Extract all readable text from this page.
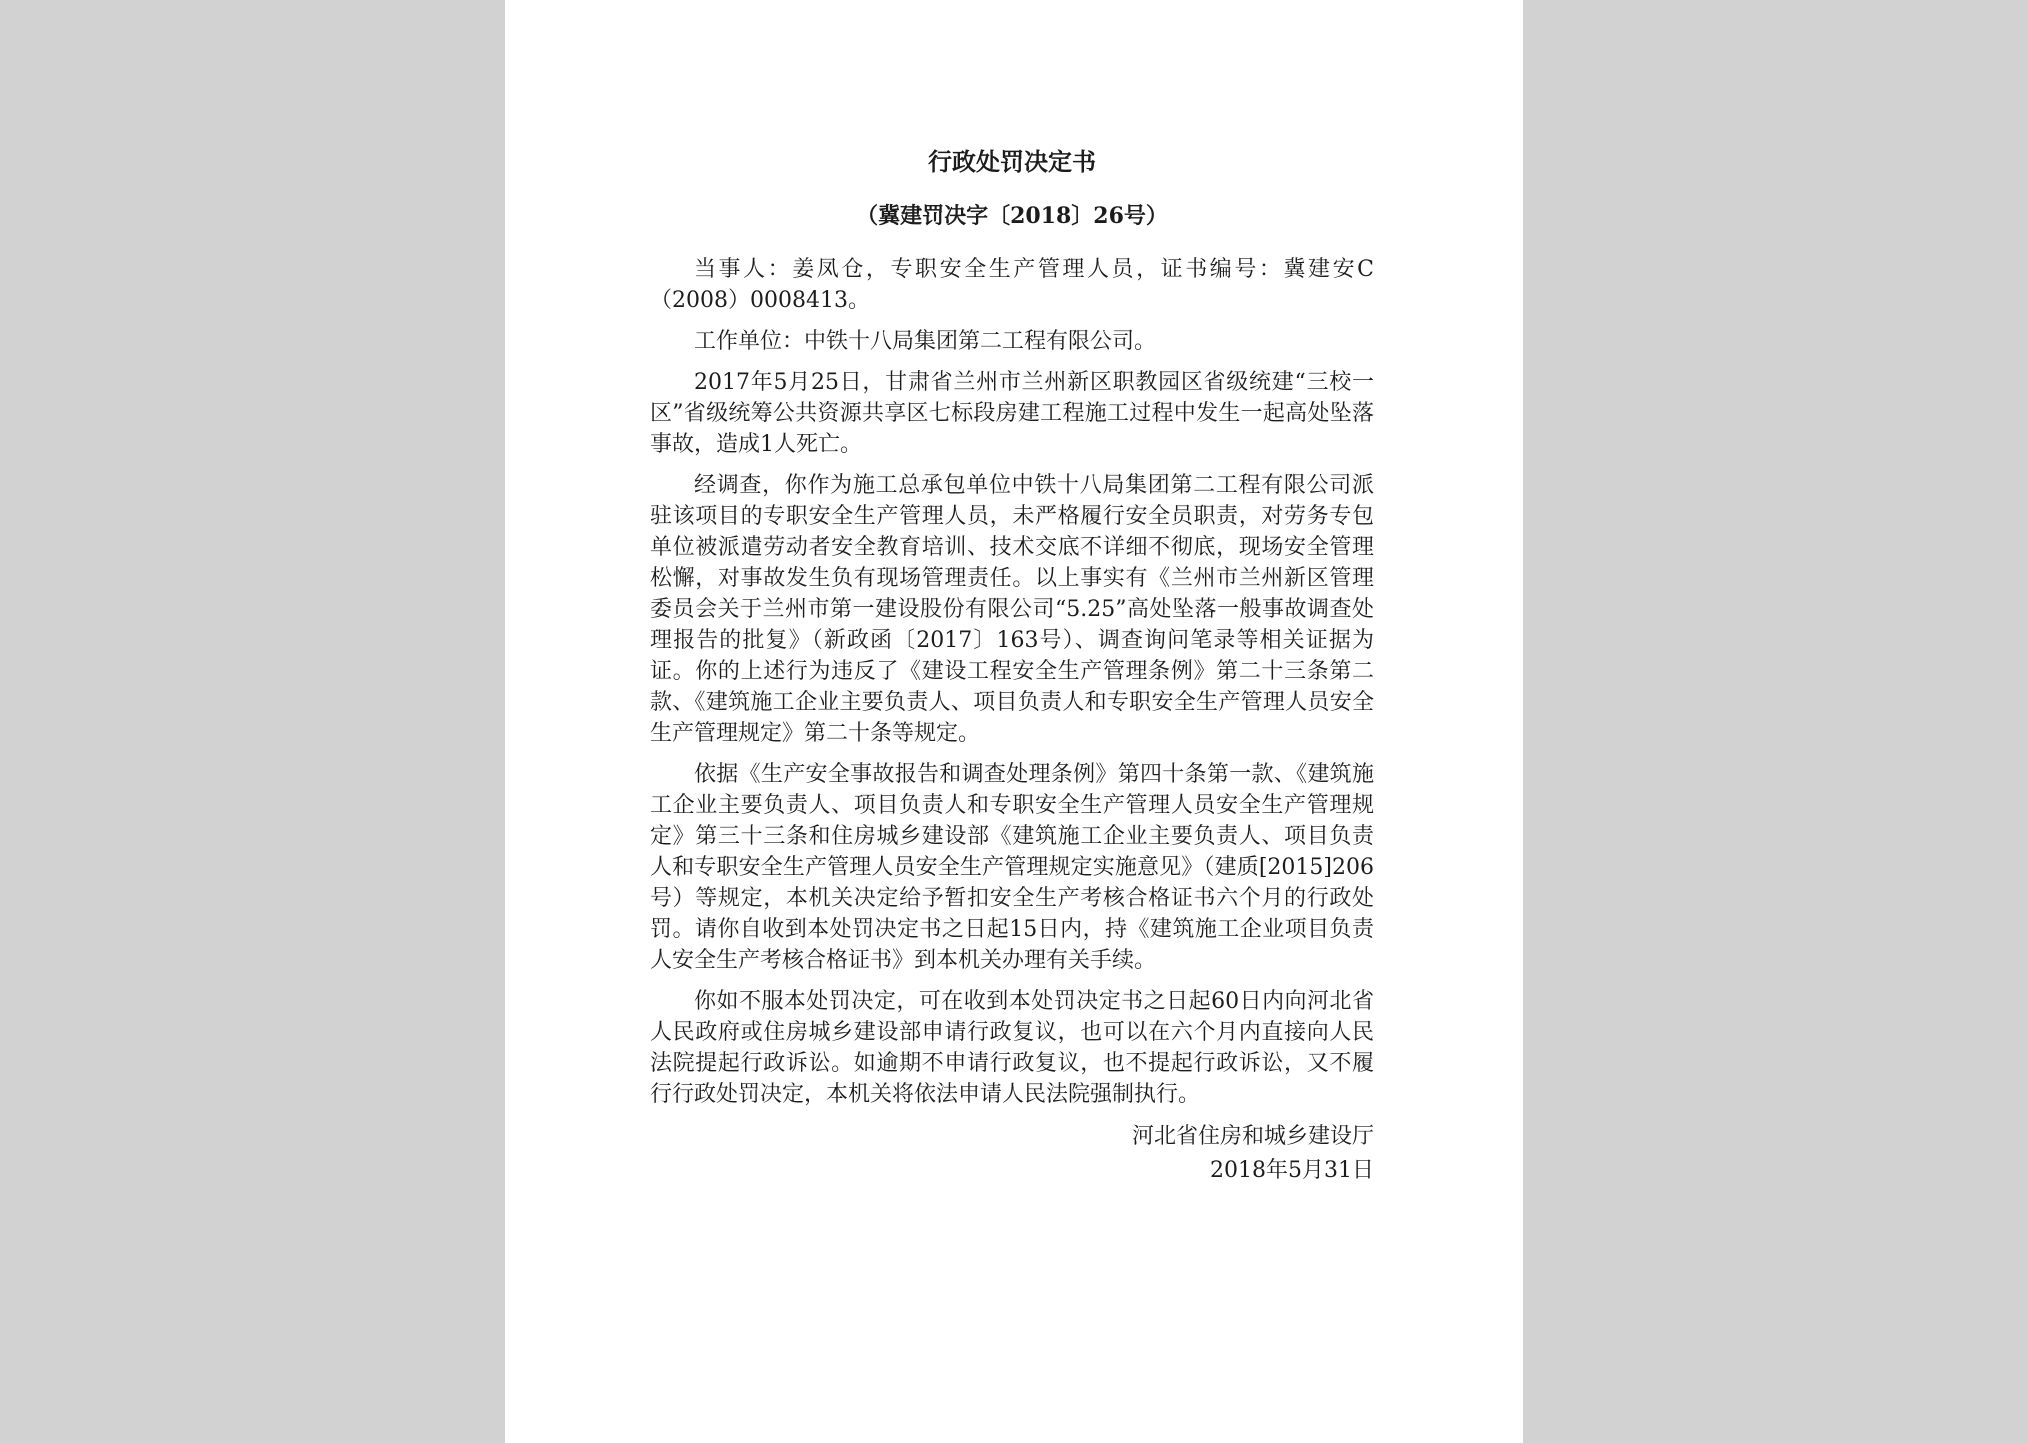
行政处罚决定书
（冀建罚决字〔2018〕26号）

当事人：姜凤仓，专职安全生产管理人员，证书编号：冀建安C（2008）0008413。

工作单位：中铁十八局集团第二工程有限公司。

2017年5月25日，甘肃省兰州市兰州新区职教园区省级统建“三校一区”省级统筹公共资源共享区七标段房建工程施工过程中发生一起高处坠落事故，造成1人死亡。

经调查，你作为施工总承包单位中铁十八局集团第二工程有限公司派驻该项目的专职安全生产管理人员，未严格履行安全员职责，对劳务专包单位被派遣劳动者安全教育培训、技术交底不详细不彻底，现场安全管理松懈，对事故发生负有现场管理责任。以上事实有《兰州市兰州新区管理委员会关于兰州市第一建设股份有限公司“5.25”高处坠落一般事故调查处理报告的批复》（新政函〔2017〕163号）、调查询问笔录等相关证据为证。你的上述行为违反了《建设工程安全生产管理条例》第二十三条第二款、《建筑施工企业主要负责人、项目负责人和专职安全生产管理人员安全生产管理规定》第二十条等规定。

依据《生产安全事故报告和调查处理条例》第四十条第一款、《建筑施工企业主要负责人、项目负责人和专职安全生产管理人员安全生产管理规定》第三十三条和住房城乡建设部《建筑施工企业主要负责人、项目负责人和专职安全生产管理人员安全生产管理规定实施意见》（建质[2015]206号）等规定，本机关决定给予暂扣安全生产考核合格证书六个月的行政处罚。请你自收到本处罚决定书之日起15日内，持《建筑施工企业项目负责人安全生产考核合格证书》到本机关办理有关手续。

你如不服本处罚决定，可在收到本处罚决定书之日起60日内向河北省人民政府或住房城乡建设部申请行政复议，也可以在六个月内直接向人民法院提起行政诉讼。如逾期不申请行政复议，也不提起行政诉讼，又不履行行政处罚决定，本机关将依法申请人民法院强制执行。

河北省住房和城乡建设厅
2018年5月31日
